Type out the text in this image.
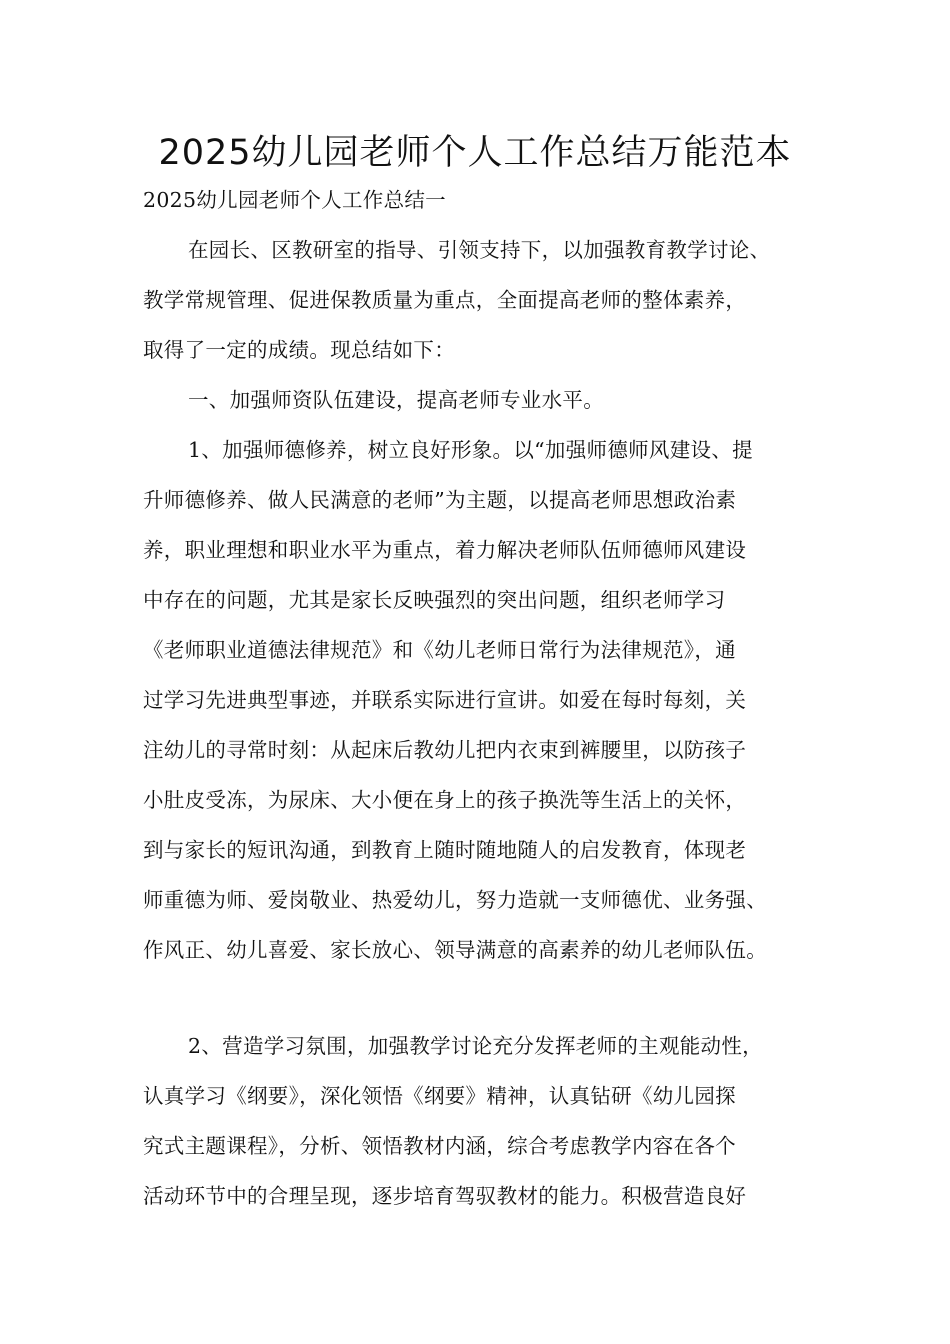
2025幼儿园老师个人工作总结万能范本
2025幼儿园老师个人工作总结一
在园长、区教研室的指导、引领支持下，以加强教育教学讨论、
教学常规管理、促进保教质量为重点，全面提高老师的整体素养，
取得了一定的成绩。现总结如下：
一、加强师资队伍建设，提高老师专业水平。
1、加强师德修养，树立良好形象。以“加强师德师风建设、提
升师德修养、做人民满意的老师”为主题，以提高老师思想政治素
养，职业理想和职业水平为重点，着力解决老师队伍师德师风建设
中存在的问题，尤其是家长反映强烈的突出问题，组织老师学习
《老师职业道德法律规范》和《幼儿老师日常行为法律规范》，通
过学习先进典型事迹，并联系实际进行宣讲。如爱在每时每刻，关
注幼儿的寻常时刻：从起床后教幼儿把内衣束到裤腰里，以防孩子
小肚皮受冻，为尿床、大小便在身上的孩子换洗等生活上的关怀，
到与家长的短讯沟通，到教育上随时随地随人的启发教育，体现老
师重德为师、爱岗敬业、热爱幼儿，努力造就一支师德优、业务强、
作风正、幼儿喜爱、家长放心、领导满意的高素养的幼儿老师队伍。
2、营造学习氛围，加强教学讨论充分发挥老师的主观能动性，
认真学习《纲要》，深化领悟《纲要》精神，认真钻研《幼儿园探
究式主题课程》，分析、领悟教材内涵，综合考虑教学内容在各个
活动环节中的合理呈现，逐步培育驾驭教材的能力。积极营造良好
